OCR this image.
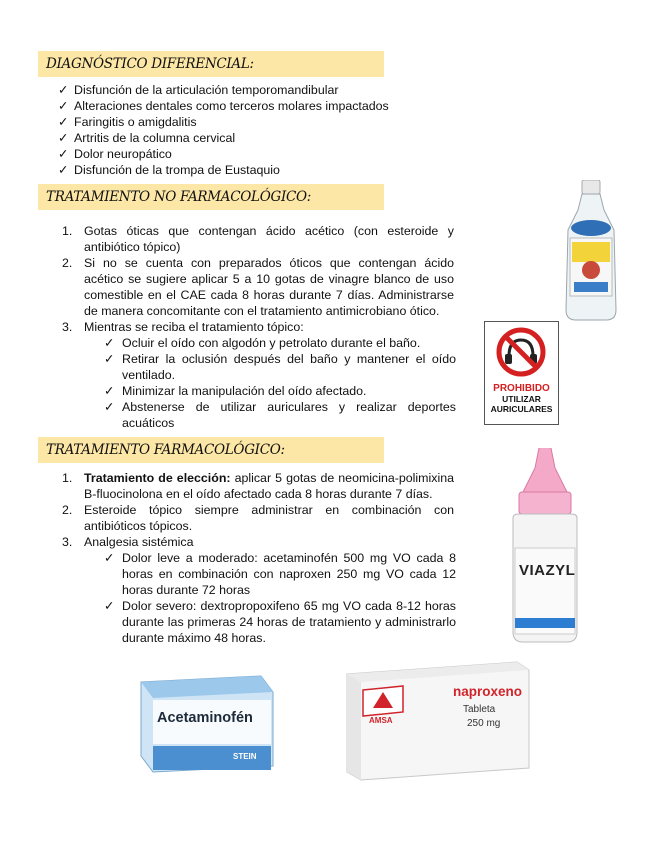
DIAGNÓSTICO DIFERENCIAL:
✓ Disfunción de la articulación temporomandibular
✓ Alteraciones dentales como terceros molares impactados
✓ Faringitis o amigdalitis
✓ Artritis de la columna cervical
✓ Dolor neuropático
✓ Disfunción de la trompa de Eustaquio
TRATAMIENTO NO FARMACOLÓGICO:
1. Gotas óticas que contengan ácido acético (con esteroide y antibiótico tópico)
2. Si no se cuenta con preparados óticos que contengan ácido acético se sugiere aplicar 5 a 10 gotas de vinagre blanco de uso comestible en el CAE cada 8 horas durante 7 días. Administrarse de manera concomitante con el tratamiento antimicrobiano ótico.
3. Mientras se reciba el tratamiento tópico:
✓ Ocluir el oído con algodón y petrolato durante el baño.
✓ Retirar la oclusión después del baño y mantener el oído ventilado.
✓ Minimizar la manipulación del oído afectado.
✓ Abstenerse de utilizar auriculares y realizar deportes acuáticos
TRATAMIENTO FARMACOLÓGICO:
1. Tratamiento de elección: aplicar 5 gotas de neomicina-polimixina B-fluocinolona en el oído afectado cada 8 horas durante 7 días.
2. Esteroide tópico siempre administrar en combinación con antibióticos tópicos.
3. Analgesia sistémica
✓ Dolor leve a moderado: acetaminofén 500 mg VO cada 8 horas en combinación con naproxen 250 mg VO cada 12 horas durante 72 horas
✓ Dolor severo: dextropropoxifeno 65 mg VO cada 8-12 horas durante las primeras 24 horas de tratamiento y administrarlo durante máximo 48 horas.
PROHIBIDO
UTILIZAR
AURICULARES
VIAZYL
Acetaminofén
STEIN
AMSA
naproxeno
Tableta
250 mg
